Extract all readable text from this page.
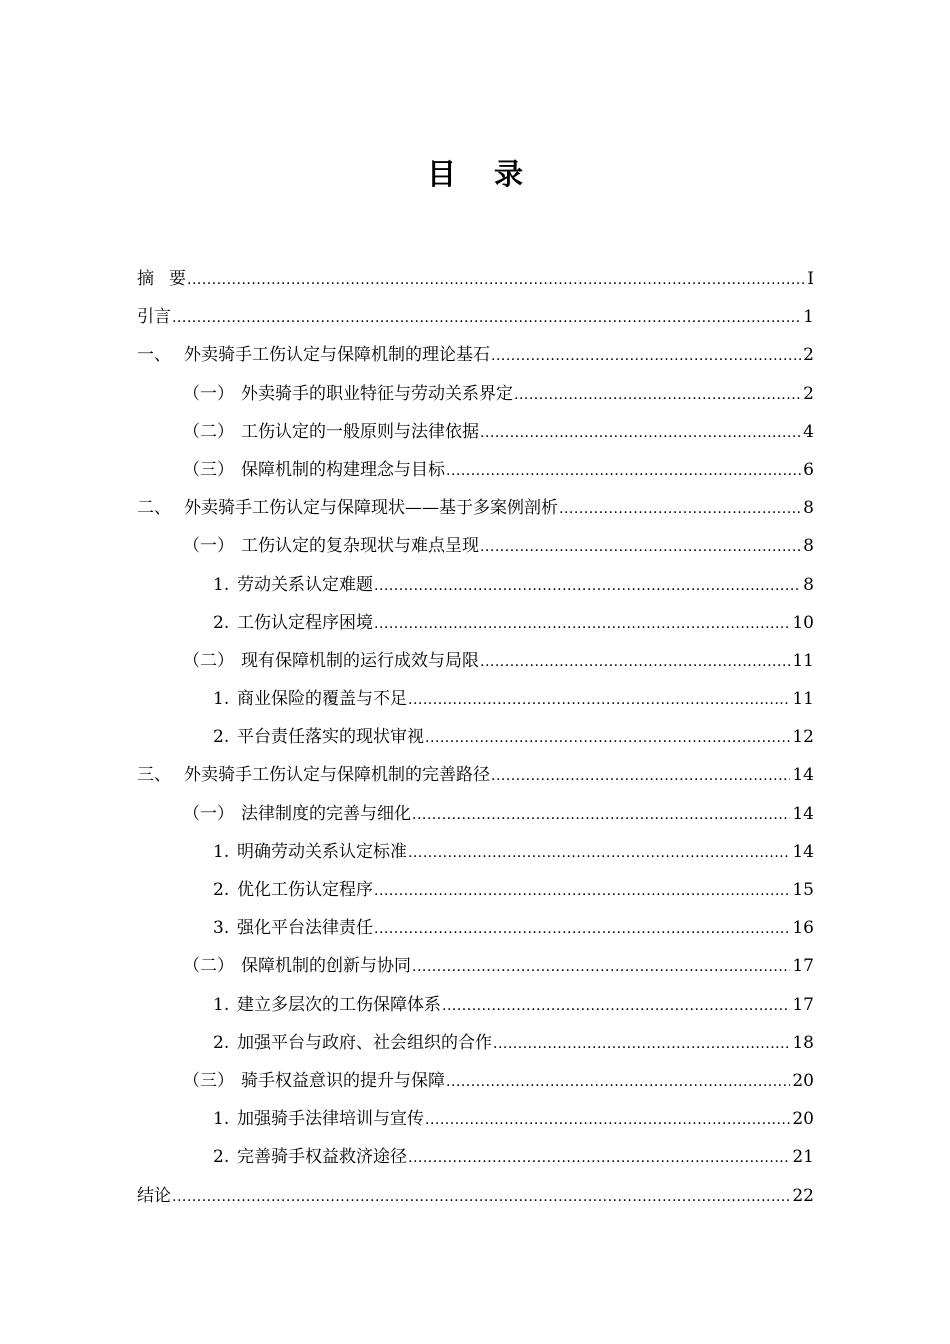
目录
摘要 .....	I
引言 .....	1
一、 外卖骑手工伤认定与保障机制的理论基石 .....	2
（一） 外卖骑手的职业特征与劳动关系界定 .....	2
（二） 工伤认定的一般原则与法律依据 .....	4
（三） 保障机制的构建理念与目标 .....	6
二、 外卖骑手工伤认定与保障现状——基于多案例剖析 .....	8
（一） 工伤认定的复杂现状与难点呈现 .....	8
1. 劳动关系认定难题 .....	8
2. 工伤认定程序困境 .....	10
（二） 现有保障机制的运行成效与局限 .....	11
1. 商业保险的覆盖与不足 .....	11
2. 平台责任落实的现状审视 .....	12
三、 外卖骑手工伤认定与保障机制的完善路径 .....	14
（一） 法律制度的完善与细化 .....	14
1. 明确劳动关系认定标准 .....	14
2. 优化工伤认定程序 .....	15
3. 强化平台法律责任 .....	16
（二） 保障机制的创新与协同 .....	17
1. 建立多层次的工伤保障体系 .....	17
2. 加强平台与政府、社会组织的合作 .....	18
（三） 骑手权益意识的提升与保障 .....	20
1. 加强骑手法律培训与宣传 .....	20
2. 完善骑手权益救济途径 .....	21
结论 .....	22
